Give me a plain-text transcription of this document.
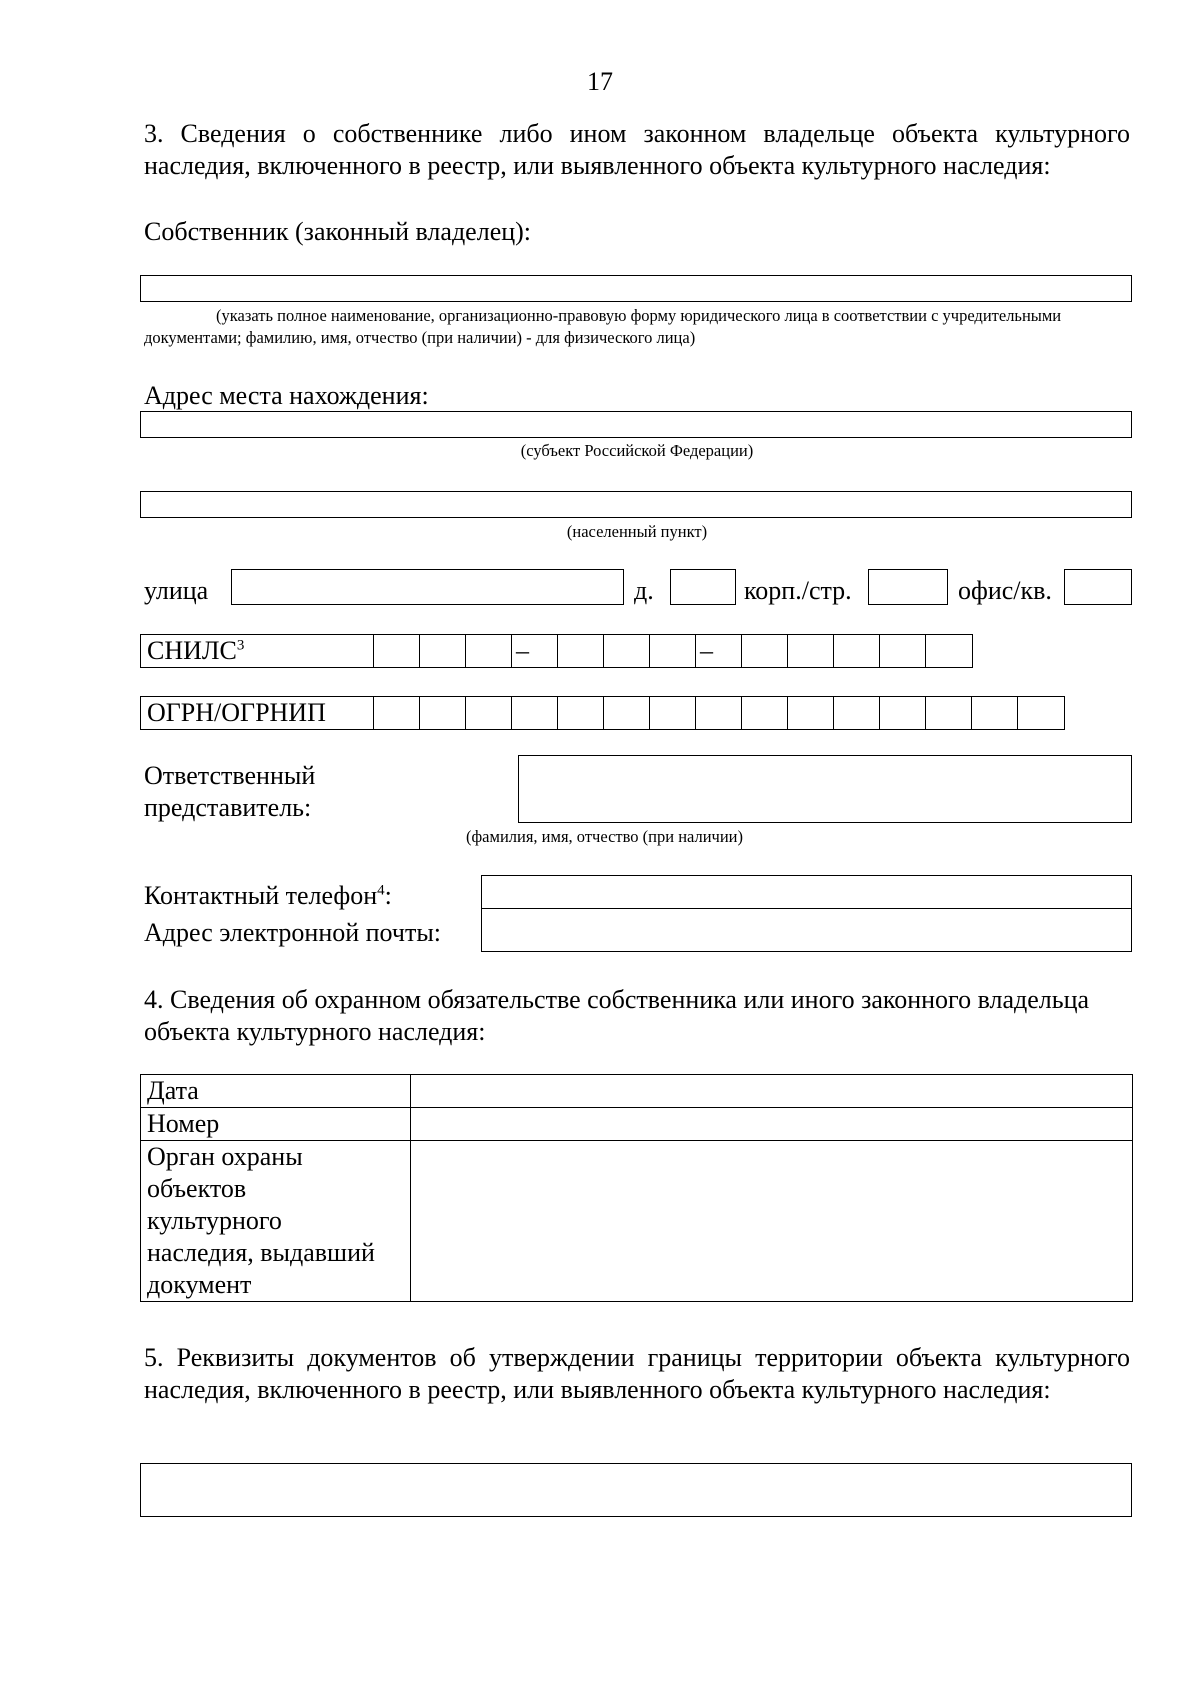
17
3. Сведения о собственнике либо ином законном владельце объекта культурного наследия, включенного в реестр, или выявленного объекта культурного наследия:
Собственник (законный владелец):
(указать полное наименование, организационно-правовую форму юридического лица в соответствии с учредительными документами; фамилию, имя, отчество (при наличии) - для физического лица)
Адрес места нахождения:
(субъект Российской Федерации)
(населенный пункт)
улица	д.	корп./стр.	офис/кв.
СНИЛС$^3$	–	–
ОГРН/ОГРНИП
Ответственный
представитель:
(фамилия, имя, отчество (при наличии)
Контактный телефон$^4$:
Адрес электронной почты:
4. Сведения об охранном обязательстве собственника или иного законного владельца объекта культурного наследия:
Дата	
Номер	

Орган охраны
объектов
культурного
наследия, выдавший
документ	

5. Реквизиты документов об утверждении границы территории объекта культурного наследия, включенного в реестр, или выявленного объекта культурного наследия:
